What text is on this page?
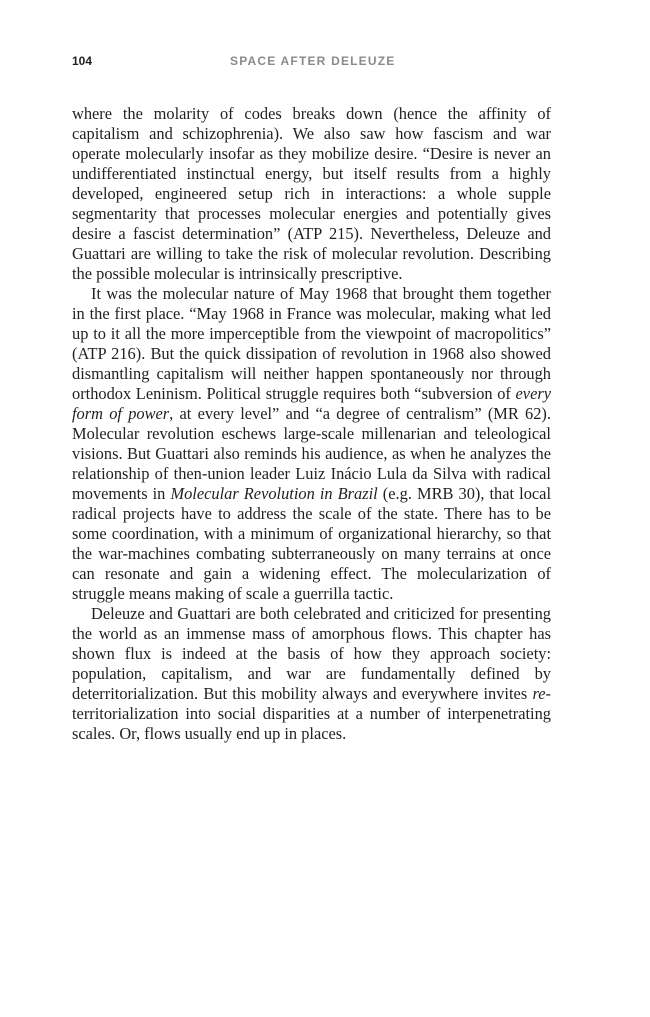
104	SPACE AFTER DELEUZE

where the molarity of codes breaks down (hence the affinity of capitalism and schizophrenia). We also saw how fascism and war operate molecularly insofar as they mobilize desire. “Desire is never an undifferentiated instinctual energy, but itself results from a highly developed, engineered setup rich in interactions: a whole supple segmentarity that processes molecular energies and potentially gives desire a fascist determination” (ATP 215). Nevertheless, Deleuze and Guattari are willing to take the risk of molecular revolution. Describing the possible molecular is intrinsically prescriptive.

It was the molecular nature of May 1968 that brought them together in the first place. “May 1968 in France was molecular, making what led up to it all the more imperceptible from the viewpoint of macropolitics” (ATP 216). But the quick dissipation of revolution in 1968 also showed dismantling capitalism will neither happen spontaneously nor through orthodox Leninism. Political struggle requires both “subversion of every form of power, at every level” and “a degree of centralism” (MR 62). Molecular revolution eschews large-scale millenarian and teleological visions. But Guattari also reminds his audience, as when he analyzes the relationship of then-union leader Luiz Inácio Lula da Silva with radical movements in Molecular Revolution in Brazil (e.g. MRB 30), that local radical projects have to address the scale of the state. There has to be some coordination, with a minimum of organizational hierarchy, so that the war-machines combating subterraneously on many terrains at once can resonate and gain a widening effect. The molecularization of struggle means making of scale a guerrilla tactic.

Deleuze and Guattari are both celebrated and criticized for presenting the world as an immense mass of amorphous flows. This chapter has shown flux is indeed at the basis of how they approach society: population, capitalism, and war are fundamentally defined by deterritorialization. But this mobility always and everywhere invites re-territorialization into social disparities at a number of interpenetrating scales. Or, flows usually end up in places.
